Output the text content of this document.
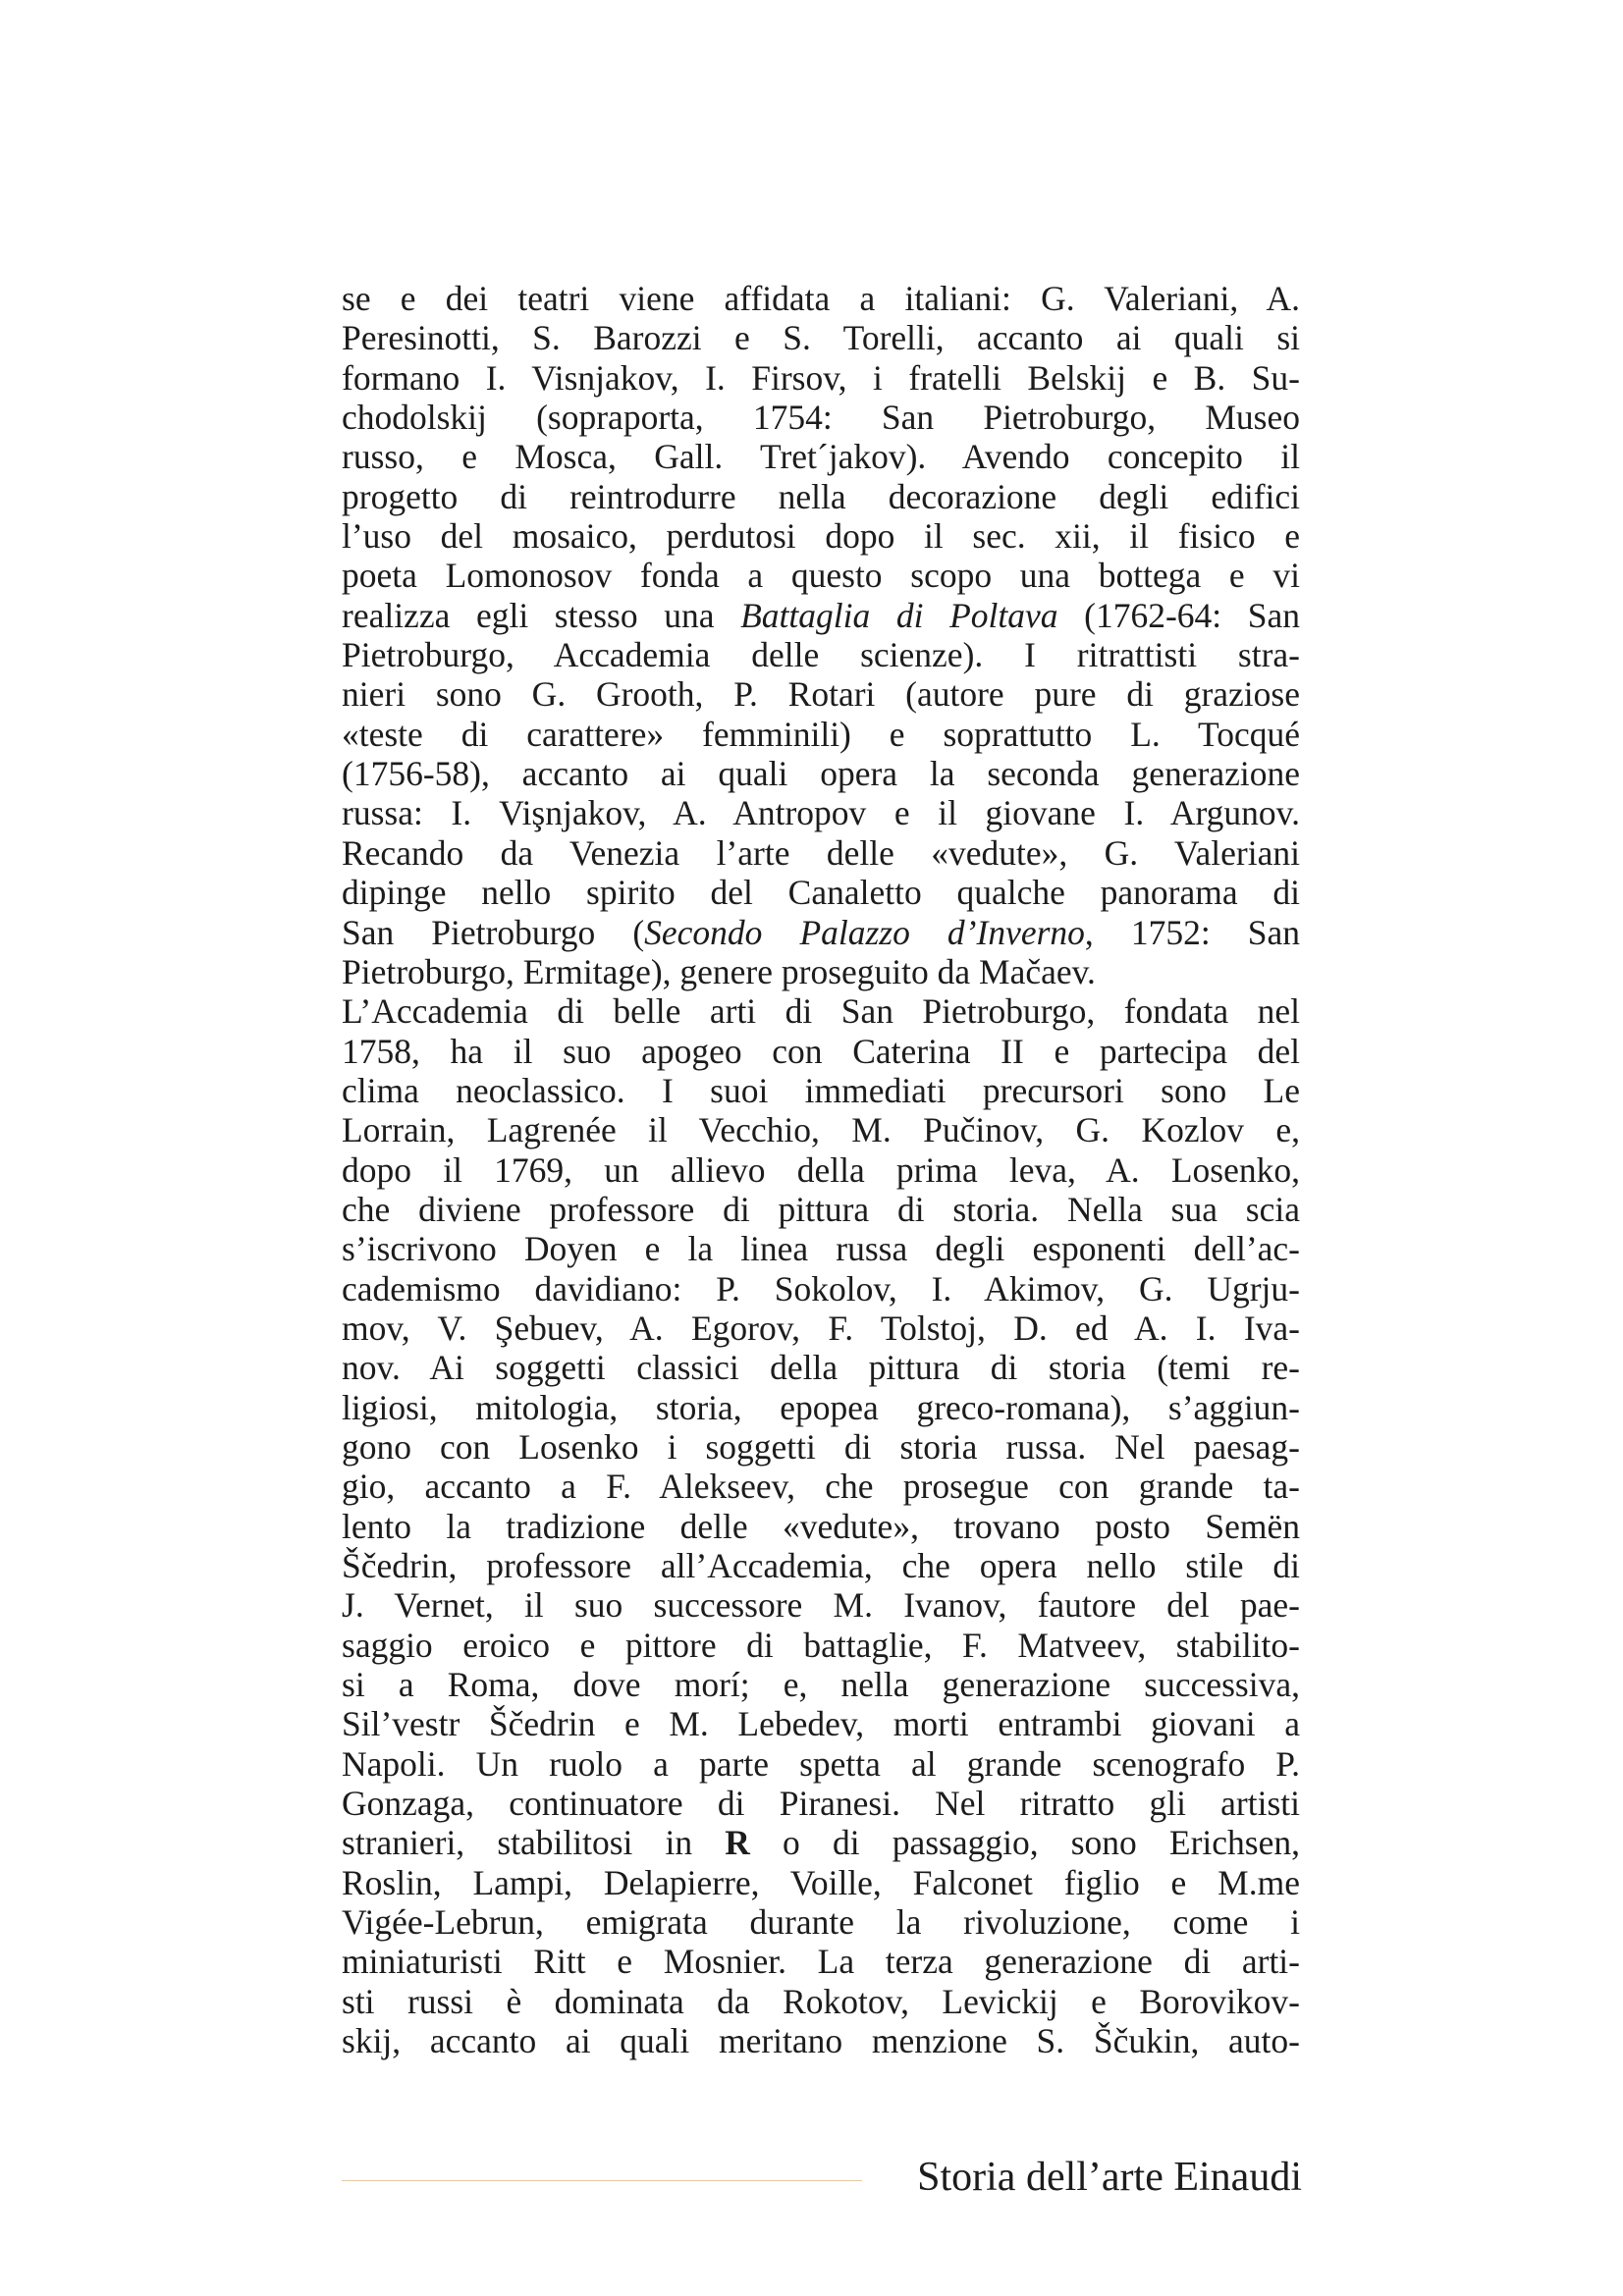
se e dei teatri viene affidata a italiani: G. Valeriani, A.
Peresinotti, S. Barozzi e S. Torelli, accanto ai quali si
formano I. Visnjakov, I. Firsov, i fratelli Belskij e B. Su-
chodolskij (sopraporta, 1754: San Pietroburgo, Museo
russo, e Mosca, Gall. Tret´jakov). Avendo concepito il
progetto di reintrodurre nella decorazione degli edifici
l’uso del mosaico, perdutosi dopo il sec. xii, il fisico e
poeta Lomonosov fonda a questo scopo una bottega e vi
realizza egli stesso una Battaglia di Poltava (1762-64: San
Pietroburgo, Accademia delle scienze). I ritrattisti stra-
nieri sono G. Grooth, P. Rotari (autore pure di graziose
«teste di carattere» femminili) e soprattutto L. Tocqué
(1756-58), accanto ai quali opera la seconda generazione
russa: I. Vişnjakov, A. Antropov e il giovane I. Argunov.
Recando da Venezia l’arte delle «vedute», G. Valeriani
dipinge nello spirito del Canaletto qualche panorama di
San Pietroburgo (Secondo Palazzo d’Inverno, 1752: San
Pietroburgo, Ermitage), genere proseguito da Mačaev.
L’Accademia di belle arti di San Pietroburgo, fondata nel
1758, ha il suo apogeo con Caterina II e partecipa del
clima neoclassico. I suoi immediati precursori sono Le
Lorrain, Lagrenée il Vecchio, M. Pučinov, G. Kozlov e,
dopo il 1769, un allievo della prima leva, A. Losenko,
che diviene professore di pittura di storia. Nella sua scia
s’iscrivono Doyen e la linea russa degli esponenti dell’ac-
cademismo davidiano: P. Sokolov, I. Akimov, G. Ugrju-
mov, V. Şebuev, A. Egorov, F. Tolstoj, D. ed A. I. Iva-
nov. Ai soggetti classici della pittura di storia (temi re-
ligiosi, mitologia, storia, epopea greco-romana), s’aggiun-
gono con Losenko i soggetti di storia russa. Nel paesag-
gio, accanto a F. Alekseev, che prosegue con grande ta-
lento la tradizione delle «vedute», trovano posto Semën
Ščedrin, professore all’Accademia, che opera nello stile di
J. Vernet, il suo successore M. Ivanov, fautore del pae-
saggio eroico e pittore di battaglie, F. Matveev, stabilito-
si a Roma, dove morí; e, nella generazione successiva,
Sil’vestr Ščedrin e M. Lebedev, morti entrambi giovani a
Napoli. Un ruolo a parte spetta al grande scenografo P.
Gonzaga, continuatore di Piranesi. Nel ritratto gli artisti
stranieri, stabilitosi in R o di passaggio, sono Erichsen,
Roslin, Lampi, Delapierre, Voille, Falconet figlio e M.me
Vigée-Lebrun, emigrata durante la rivoluzione, come i
miniaturisti Ritt e Mosnier. La terza generazione di arti-
sti russi è dominata da Rokotov, Levickij e Borovikov-
skij, accanto ai quali meritano menzione S. Ščukin, auto-
Storia dell’arte Einaudi
